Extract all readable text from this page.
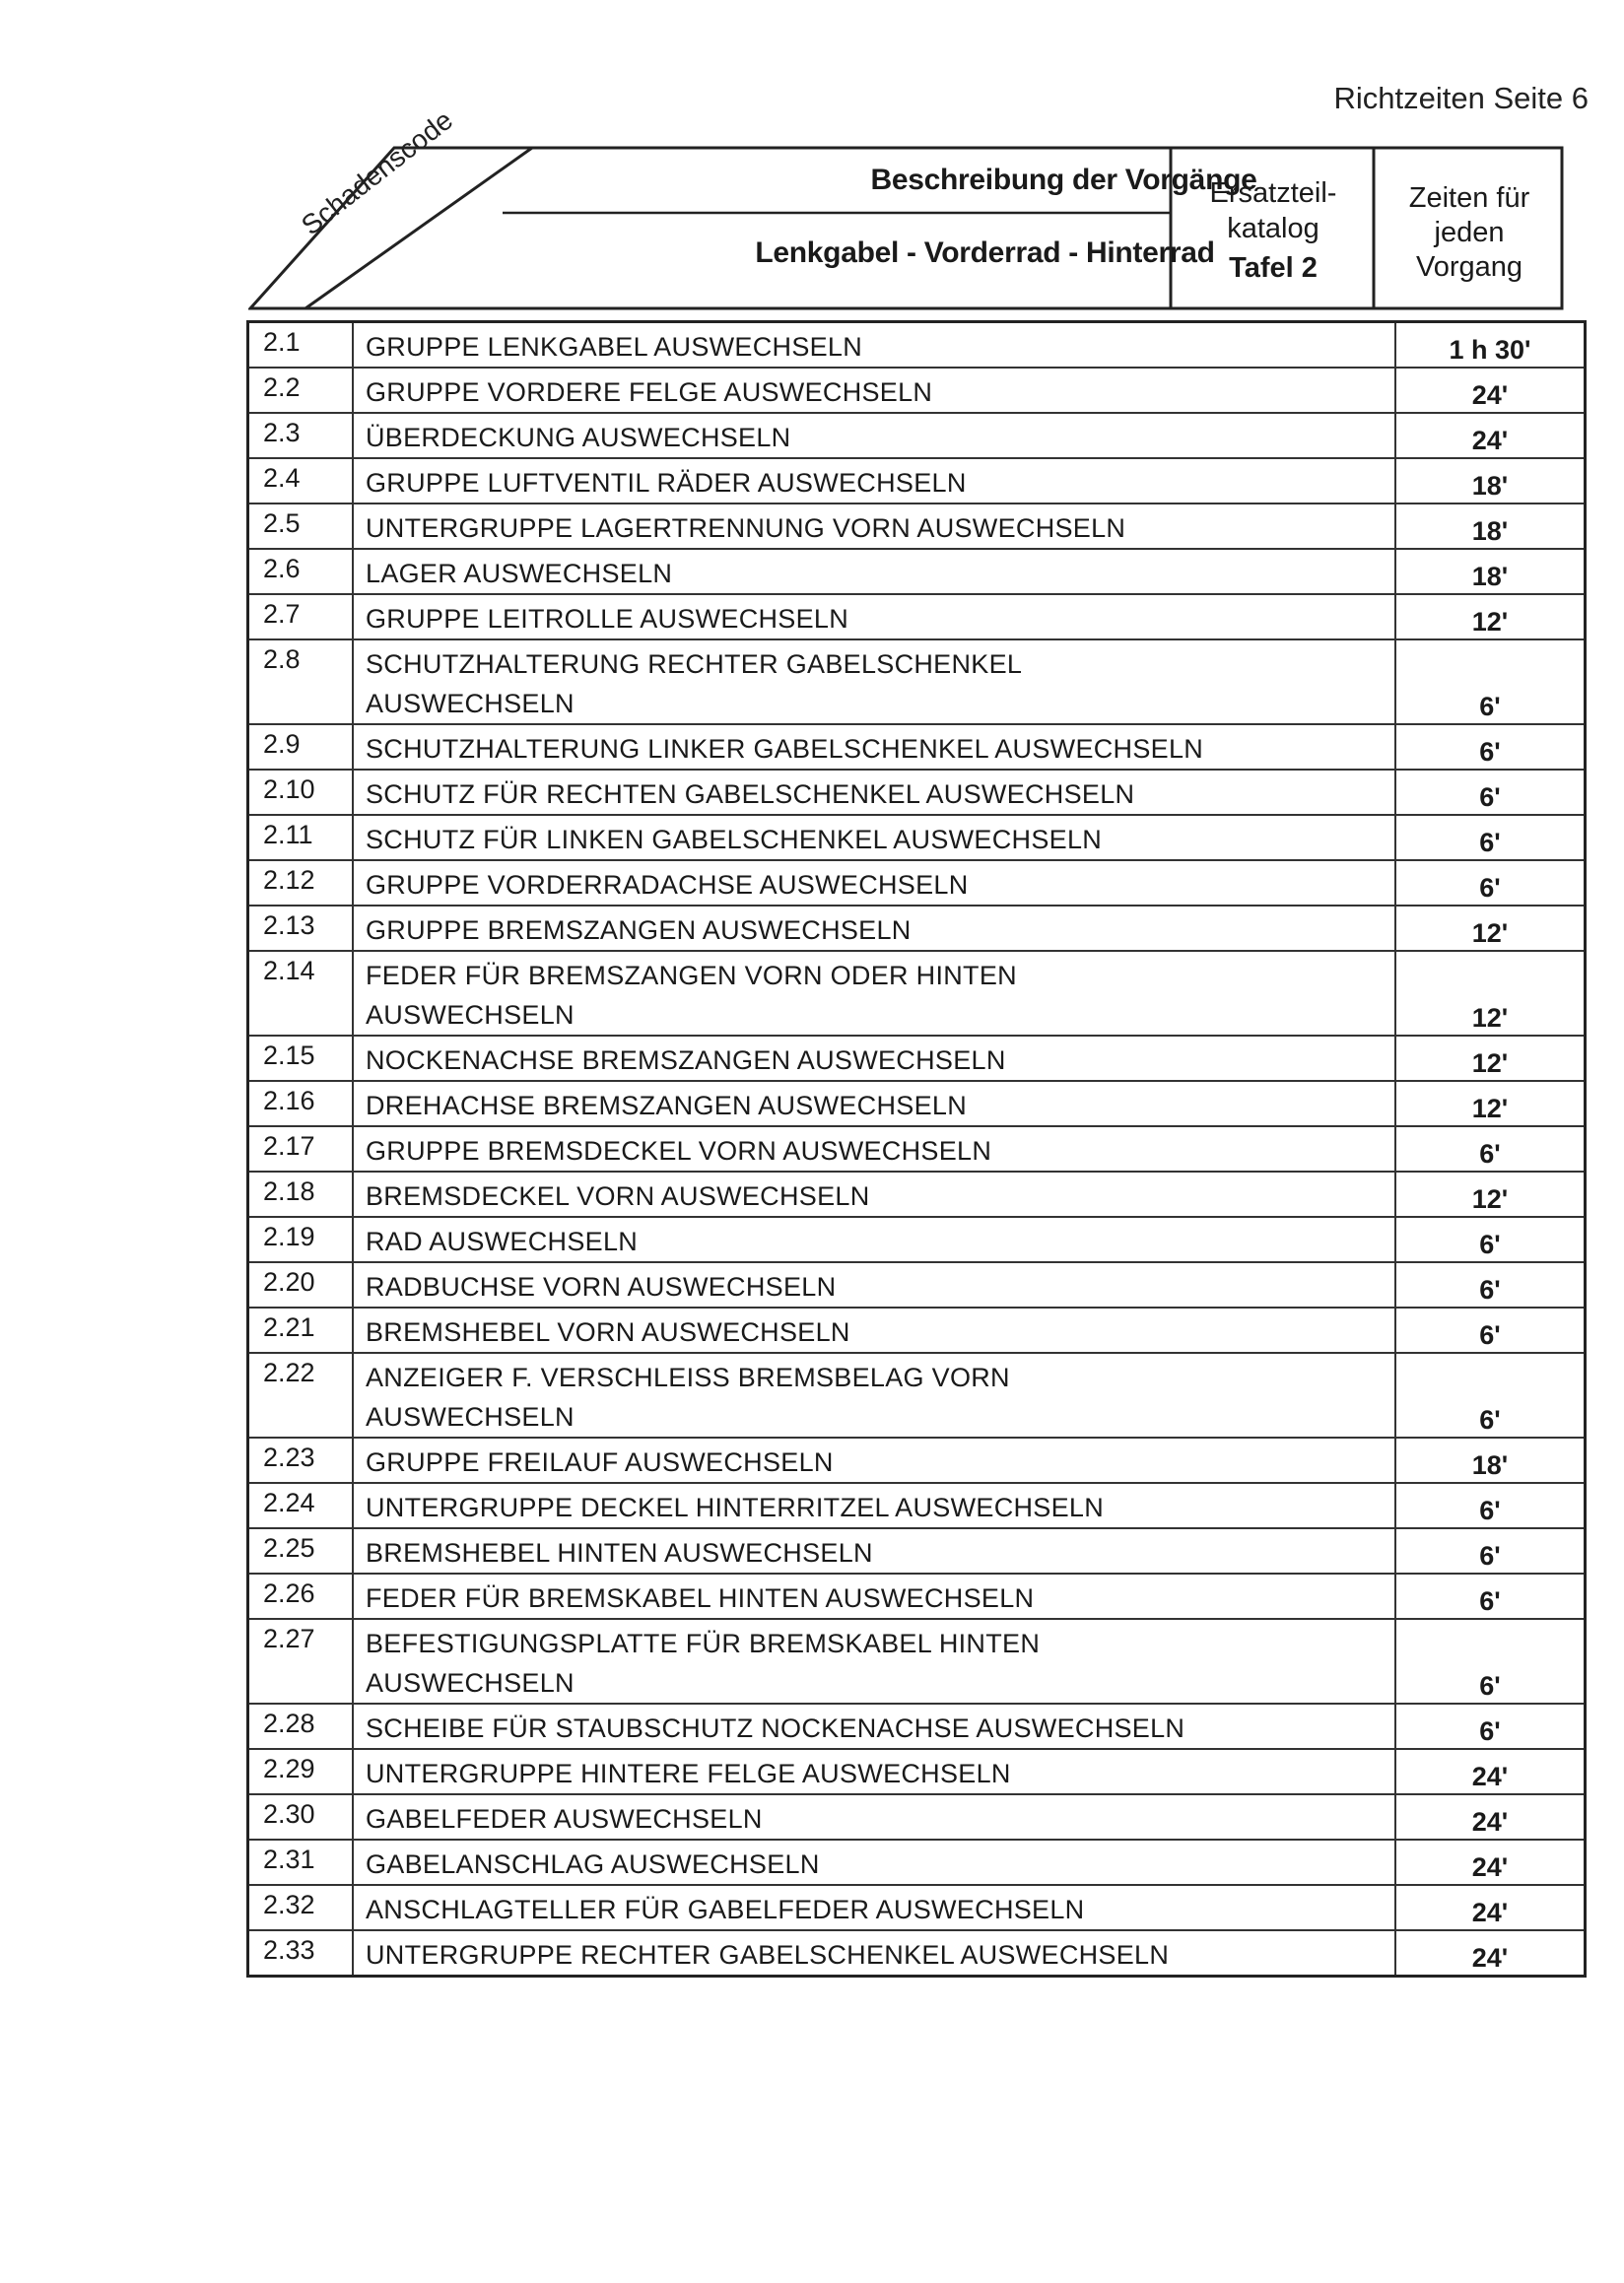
Richtzeiten Seite 6
Schadenscode	Beschreibung der Vorgänge
Lenkgabel - Vorderrad - Hinterrad
Ersatzteil-
katalog
Tafel 2
Zeiten für
jeden
Vorgang
2.1	GRUPPE LENKGABEL AUSWECHSELN	1 h 30'
2.2	GRUPPE VORDERE FELGE AUSWECHSELN	24'
2.3	ÜBERDECKUNG AUSWECHSELN	24'
2.4	GRUPPE LUFTVENTIL RÄDER AUSWECHSELN	18'
2.5	UNTERGRUPPE LAGERTRENNUNG VORN AUSWECHSELN	18'
2.6	LAGER AUSWECHSELN	18'
2.7	GRUPPE LEITROLLE AUSWECHSELN	12'
2.8	SCHUTZHALTERUNG RECHTER GABELSCHENKEL AUSWECHSELN	6'
2.9	SCHUTZHALTERUNG LINKER GABELSCHENKEL AUSWECHSELN	6'
2.10	SCHUTZ FÜR RECHTEN GABELSCHENKEL AUSWECHSELN	6'
2.11	SCHUTZ FÜR LINKEN GABELSCHENKEL AUSWECHSELN	6'
2.12	GRUPPE VORDERRADACHSE AUSWECHSELN	6'
2.13	GRUPPE BREMSZANGEN AUSWECHSELN	12'
2.14	FEDER FÜR BREMSZANGEN VORN ODER HINTEN AUSWECHSELN	12'
2.15	NOCKENACHSE BREMSZANGEN AUSWECHSELN	12'
2.16	DREHACHSE BREMSZANGEN AUSWECHSELN	12'
2.17	GRUPPE BREMSDECKEL VORN AUSWECHSELN	6'
2.18	BREMSDECKEL VORN AUSWECHSELN	12'
2.19	RAD AUSWECHSELN	6'
2.20	RADBUCHSE VORN AUSWECHSELN	6'
2.21	BREMSHEBEL VORN AUSWECHSELN	6'
2.22	ANZEIGER F. VERSCHLEISS BREMSBELAG VORN AUSWECHSELN	6'
2.23	GRUPPE FREILAUF AUSWECHSELN	18'
2.24	UNTERGRUPPE DECKEL HINTERRITZEL AUSWECHSELN	6'
2.25	BREMSHEBEL HINTEN AUSWECHSELN	6'
2.26	FEDER FÜR BREMSKABEL HINTEN AUSWECHSELN	6'
2.27	BEFESTIGUNGSPLATTE FÜR BREMSKABEL HINTEN AUSWECHSELN	6'
2.28	SCHEIBE FÜR STAUBSCHUTZ NOCKENACHSE AUSWECHSELN	6'
2.29	UNTERGRUPPE HINTERE FELGE AUSWECHSELN	24'
2.30	GABELFEDER AUSWECHSELN	24'
2.31	GABELANSCHLAG AUSWECHSELN	24'
2.32	ANSCHLAGTELLER FÜR GABELFEDER AUSWECHSELN	24'
2.33	UNTERGRUPPE RECHTER GABELSCHENKEL AUSWECHSELN	24'
